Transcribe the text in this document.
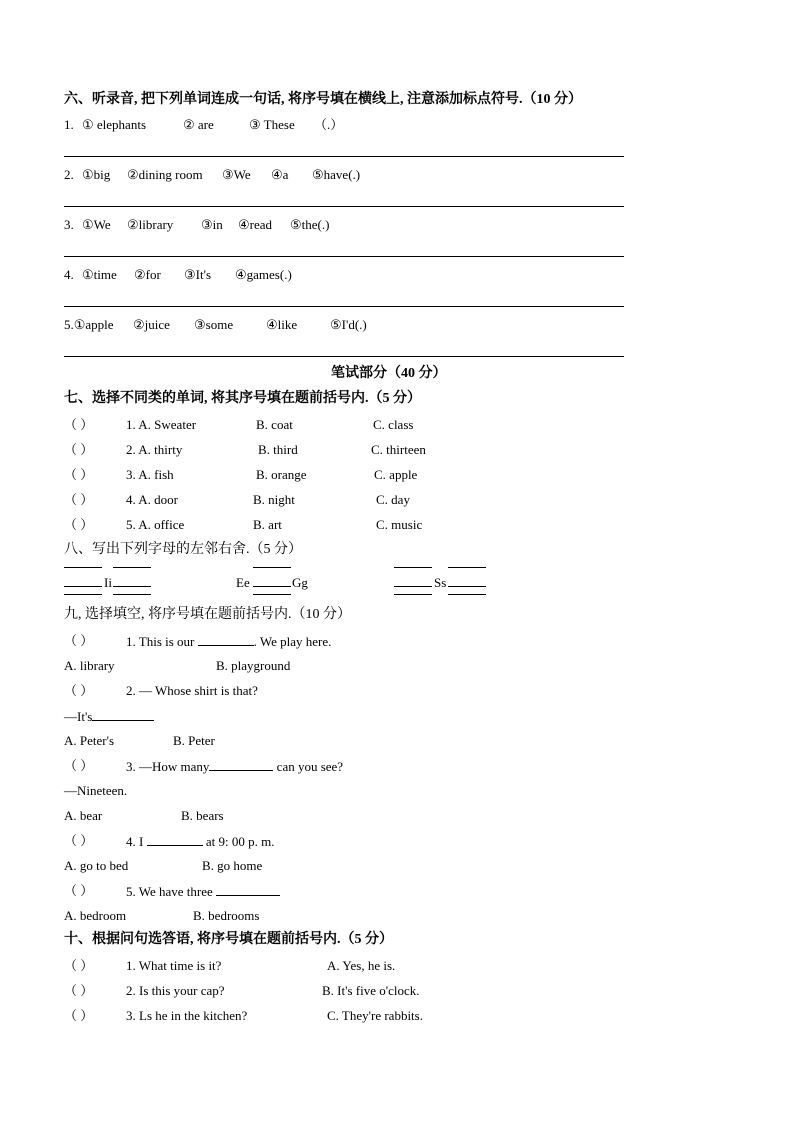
六、听录音, 把下列单词连成一句话, 将序号填在横线上, 注意添加标点符号.（10 分）
1. ① elephants	② are	③ These （.）
2. ①big ②dining room ③We ④a ⑤have(.)
3. ①We ②library ③in ④read ⑤the(.)
4. ①time ②for ③It's ④games(.)
5.①apple ②juice ③some	④like	⑤I'd(.)
笔试部分（40 分）
七、选择不同类的单词, 将其序号填在题前括号内.（5 分）
（ ）	1. A. Sweater	B. coat	C. class
（ ）	2. A. thirty	B. third	C. thirteen
（ ）	3. A. fish	B. orange	C. apple
（ ）	4. A. door	B. night	C. day
（ ）	5. A. office	B. art	C. music
八、写出下列字母的左邻右舍.（5 分）
Ii	Ee	Gg	Ss
九, 选择填空, 将序号填在题前括号内.（10 分）
（ ）	1. This is our	. We play here.
A. library	B. playground
（ ）	2. — Whose shirt is that?
—It's
A. Peter's	B. Peter
（ ）	3. —How many	can you see?
—Nineteen.
A. bear	B. bears
（ ）	4. I	at 9: 00 p. m.
A. go to bed	B. go home
（ ）	5. We have three
A. bedroom	B. bedrooms
十、根据问句选答语, 将序号填在题前括号内.（5 分）
（ ）	1. What time is it?	A. Yes, he is.
（ ）	2. Is this your cap?	B. It's five o'clock.
（ ）	3. Ls he in the kitchen?	C. They're rabbits.
